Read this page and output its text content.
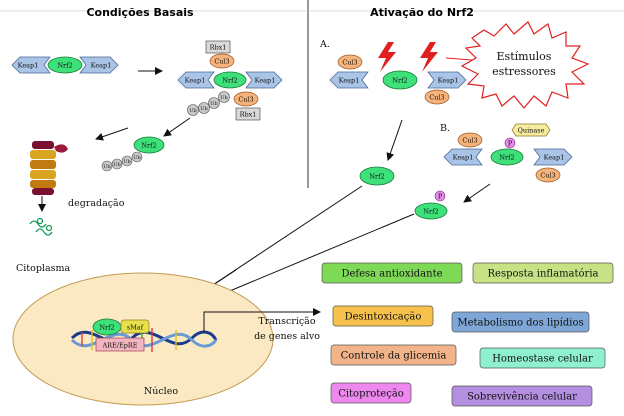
Condições Basais	Ativação do Nrf2
Keap1	Keap1
Nrf2
Rbx1
Cul3
Keap1	Keap1
Nrf2
Cul3
Rbx1
Ub
Ub
Ub
Ub
Nrf2
Ub
Ub
Ub
Ub
degradação
A.
Cul3
Keap1	Nrf2	Keap1
Cul3
Estímulos
estressores
B.
Cul3
Quinase
P
Keap1	Nrf2	Keap1
Cul3
Nrf2
Nrf2
P
Citoplasma
Núcleo
Nrf2 sMaf
ARE/EpRE
Transcrição
de genes alvo
Defesa antioxidante	Resposta inflamatória
Desintoxicação
Metabolismo dos lipídios
Controle da glicemia	Homeostase celular
Citoproteção	Sobrevivência celular
